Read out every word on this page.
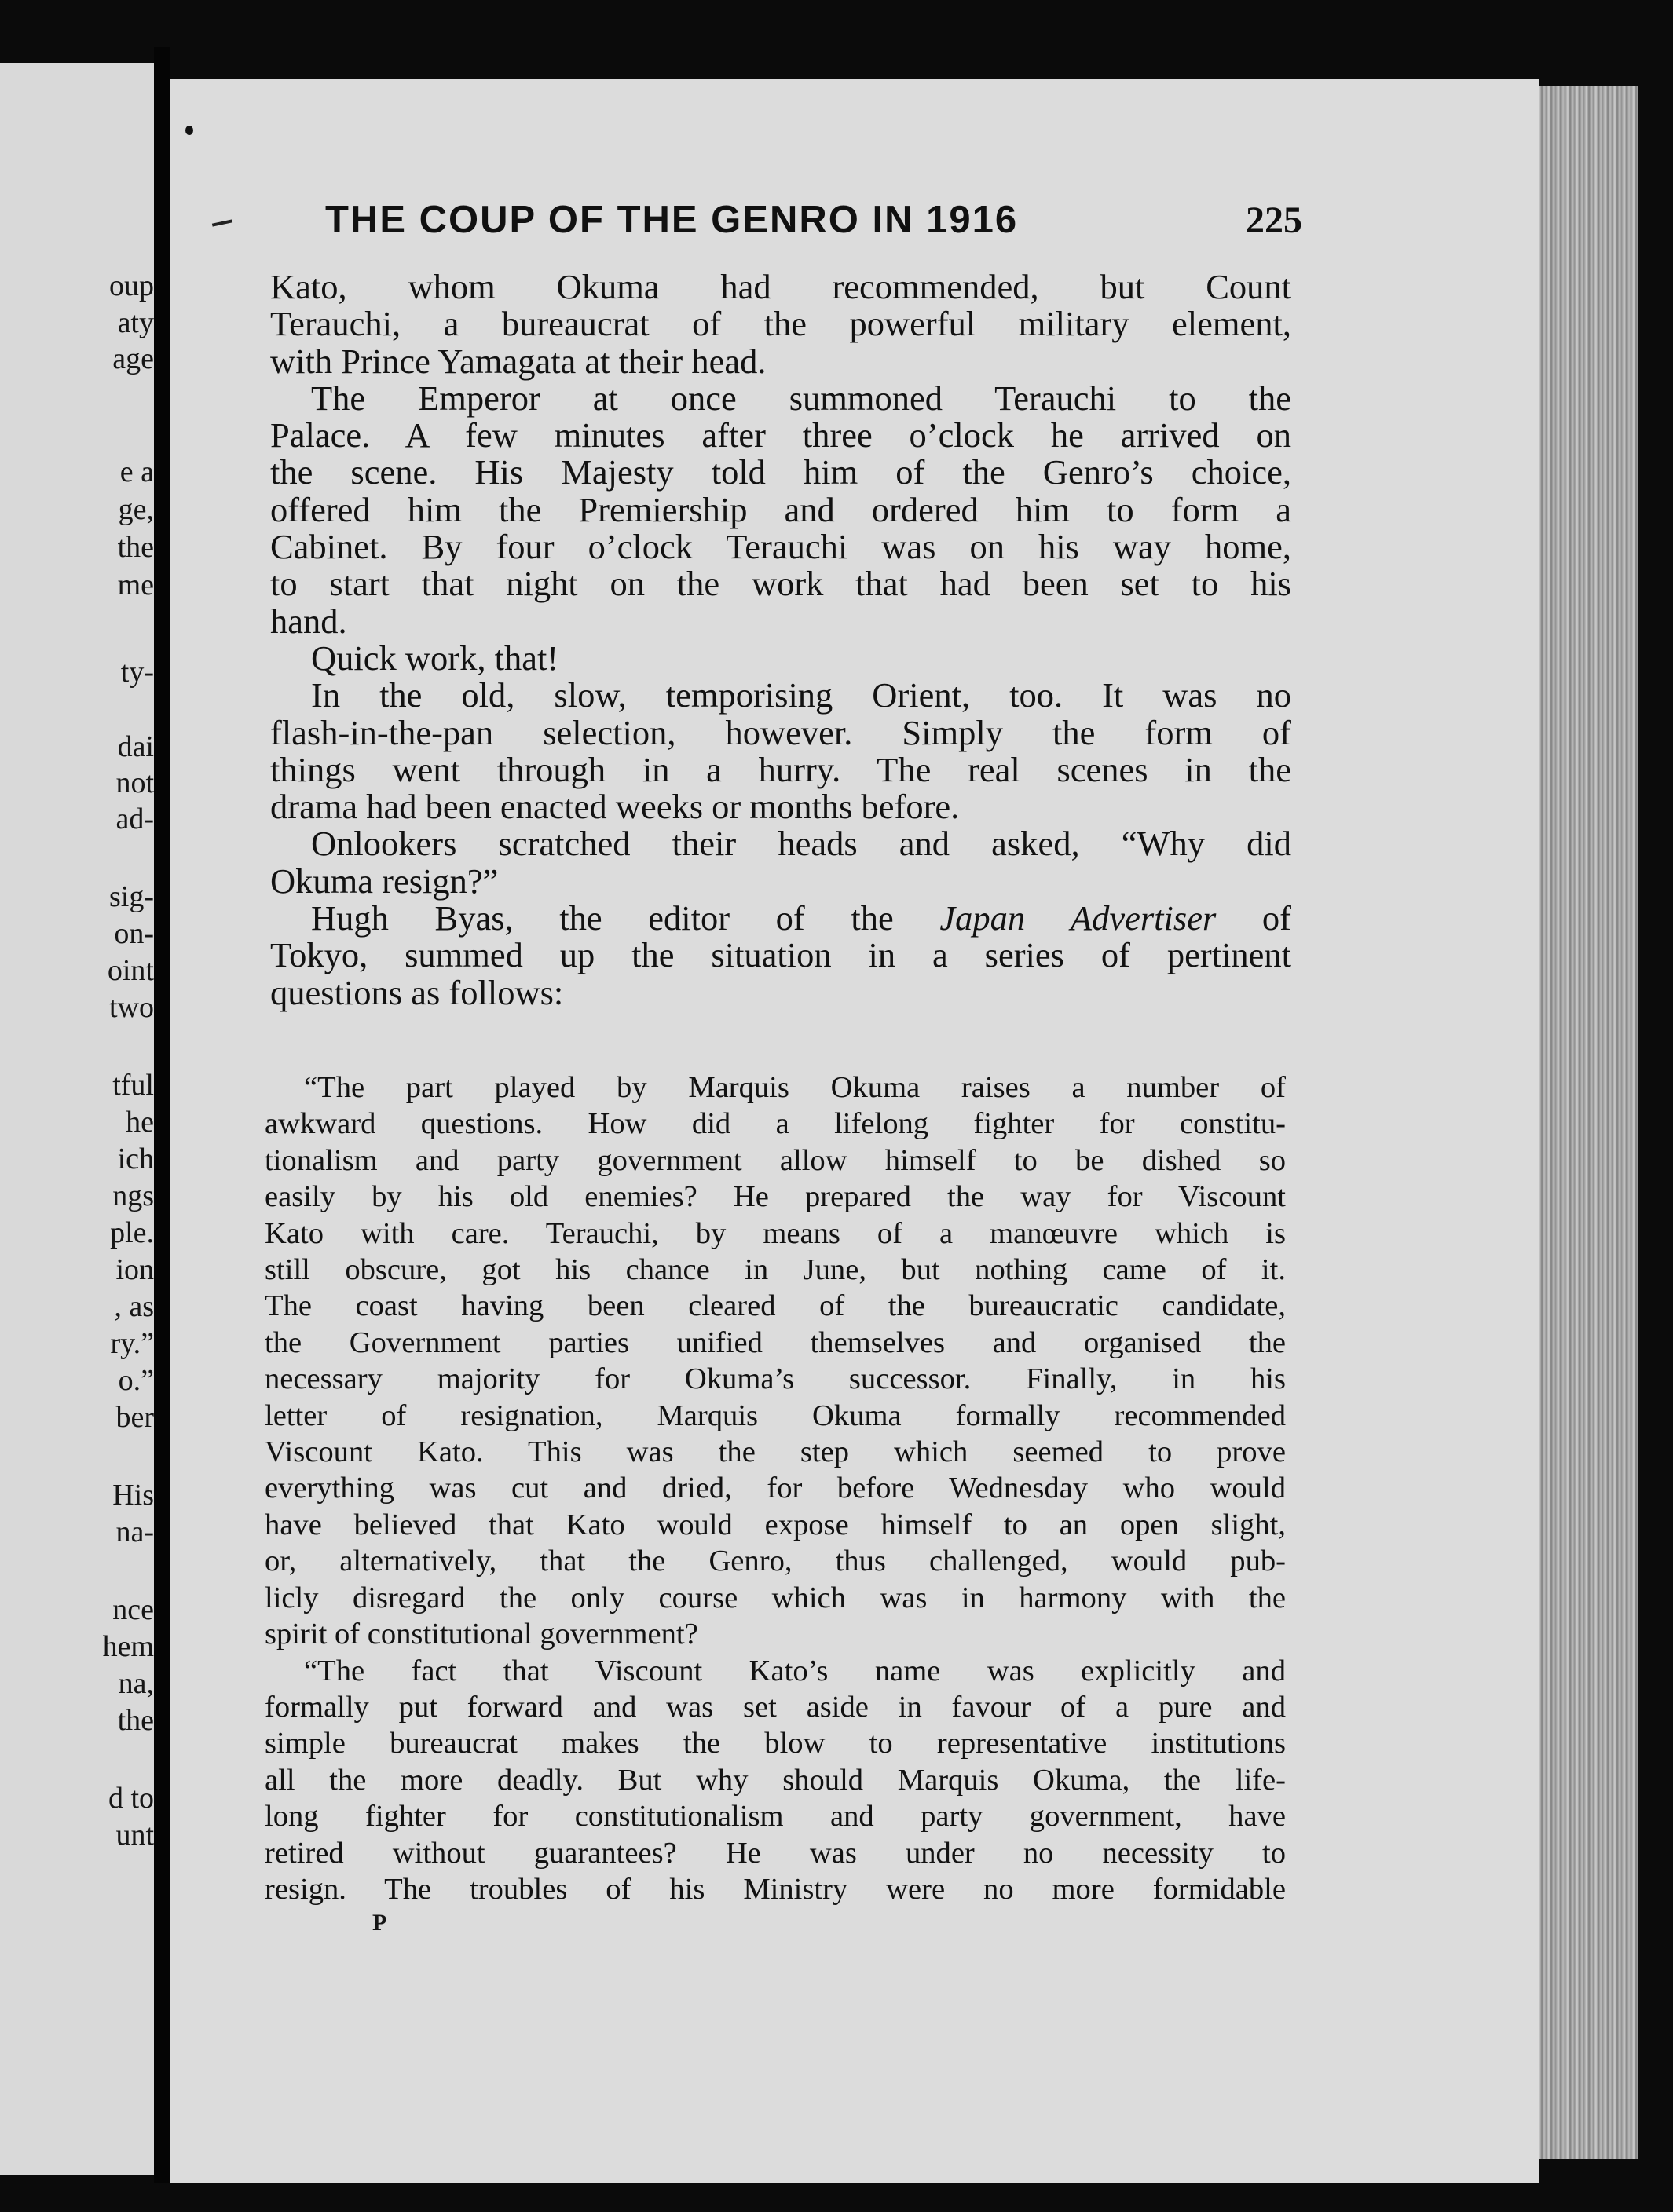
oup
aty
age
e a
ge,
the
me
ty-
dai
not
ad-
sig-
on-
oint
two
tful
he
ich
ngs
ple.
ion
, as
ry.”
o.”
ber
His
na-
nce
hem
na,
the
d to
unt
THE COUP OF THE GENRO IN 1916	225

Kato, whom Okuma had recommended, but Count

Terauchi, a bureaucrat of the powerful military element,

with Prince Yamagata at their head.

The Emperor at once summoned Terauchi to the

Palace. A few minutes after three o’clock he arrived on

the scene. His Majesty told him of the Genro’s choice,

offered him the Premiership and ordered him to form a

Cabinet. By four o’clock Terauchi was on his way home,

to start that night on the work that had been set to his

hand.

Quick work, that!

In the old, slow, temporising Orient, too. It was no

flash-in-the-pan selection, however. Simply the form of

things went through in a hurry. The real scenes in the

drama had been enacted weeks or months before.

Onlookers scratched their heads and asked, “Why did

Okuma resign?”

Hugh Byas, the editor of the Japan Advertiser of

Tokyo, summed up the situation in a series of pertinent

questions as follows:

“The part played by Marquis Okuma raises a number of

awkward questions. How did a lifelong fighter for constitu-

tionalism and party government allow himself to be dished so

easily by his old enemies? He prepared the way for Viscount

Kato with care. Terauchi, by means of a manœuvre which is

still obscure, got his chance in June, but nothing came of it.

The coast having been cleared of the bureaucratic candidate,

the Government parties unified themselves and organised the

necessary majority for Okuma’s successor. Finally, in his

letter of resignation, Marquis Okuma formally recommended

Viscount Kato. This was the step which seemed to prove

everything was cut and dried, for before Wednesday who would

have believed that Kato would expose himself to an open slight,

or, alternatively, that the Genro, thus challenged, would pub-

licly disregard the only course which was in harmony with the

spirit of constitutional government?

“The fact that Viscount Kato’s name was explicitly and

formally put forward and was set aside in favour of a pure and

simple bureaucrat makes the blow to representative institutions

all the more deadly. But why should Marquis Okuma, the life-

long fighter for constitutionalism and party government, have

retired without guarantees? He was under no necessity to

resign. The troubles of his Ministry were no more formidable

P
